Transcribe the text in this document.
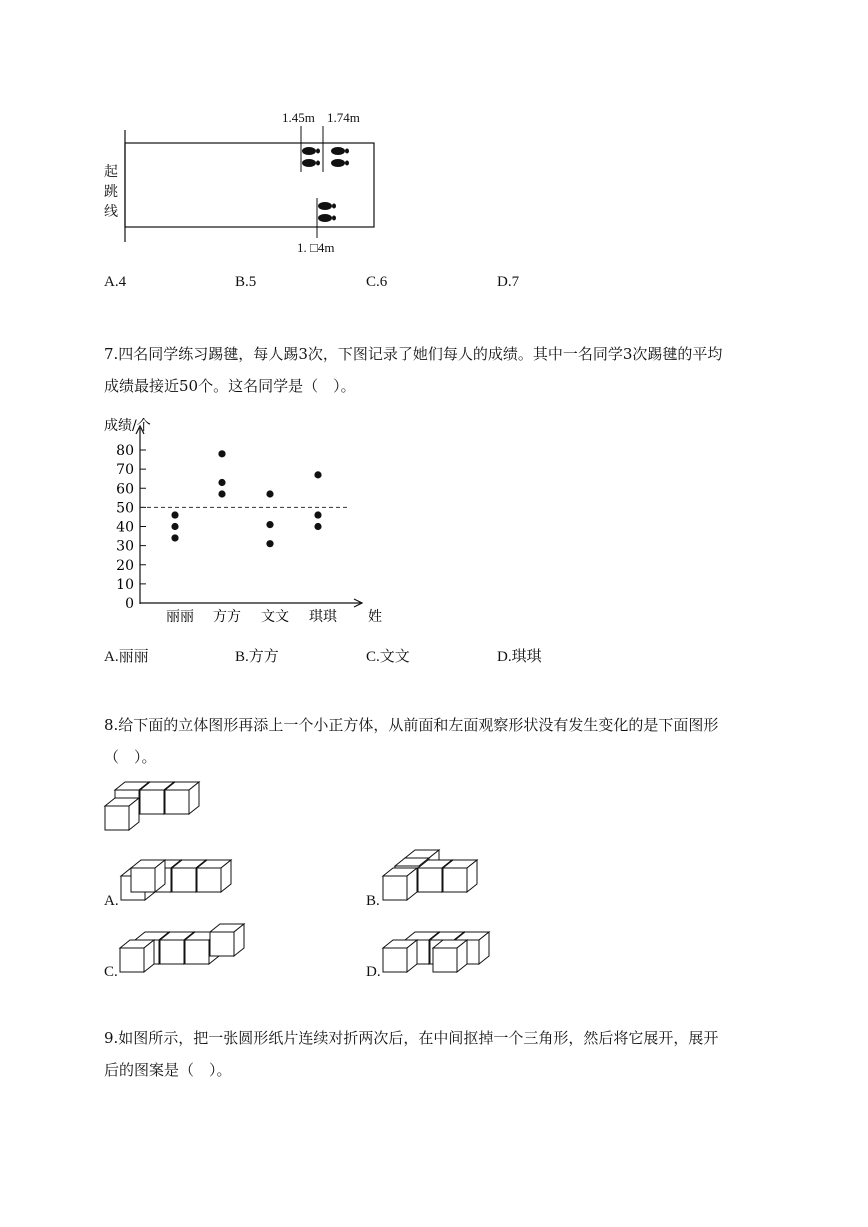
1.45m 1.74m
1. □4m
起
跳
线
A.4	B.5	C.6	D.7
7.四名同学练习踢毽，每人踢3次，下图记录了她们每人的成绩。其中一名同学3次踢毽的平均
成绩最接近50个。这名同学是（　）。
成绩/个
姓
0
10
20
30
40
50
60
70
80
丽丽 方方 文文 琪琪
A.丽丽	B.方方	C.文文	D.琪琪
8.给下面的立体图形再添上一个小正方体，从前面和左面观察形状没有发生变化的是下面图形
（　）。
A.	B.
C.	D.
9.如图所示，把一张圆形纸片连续对折两次后，在中间抠掉一个三角形，然后将它展开，展开
后的图案是（　）。
